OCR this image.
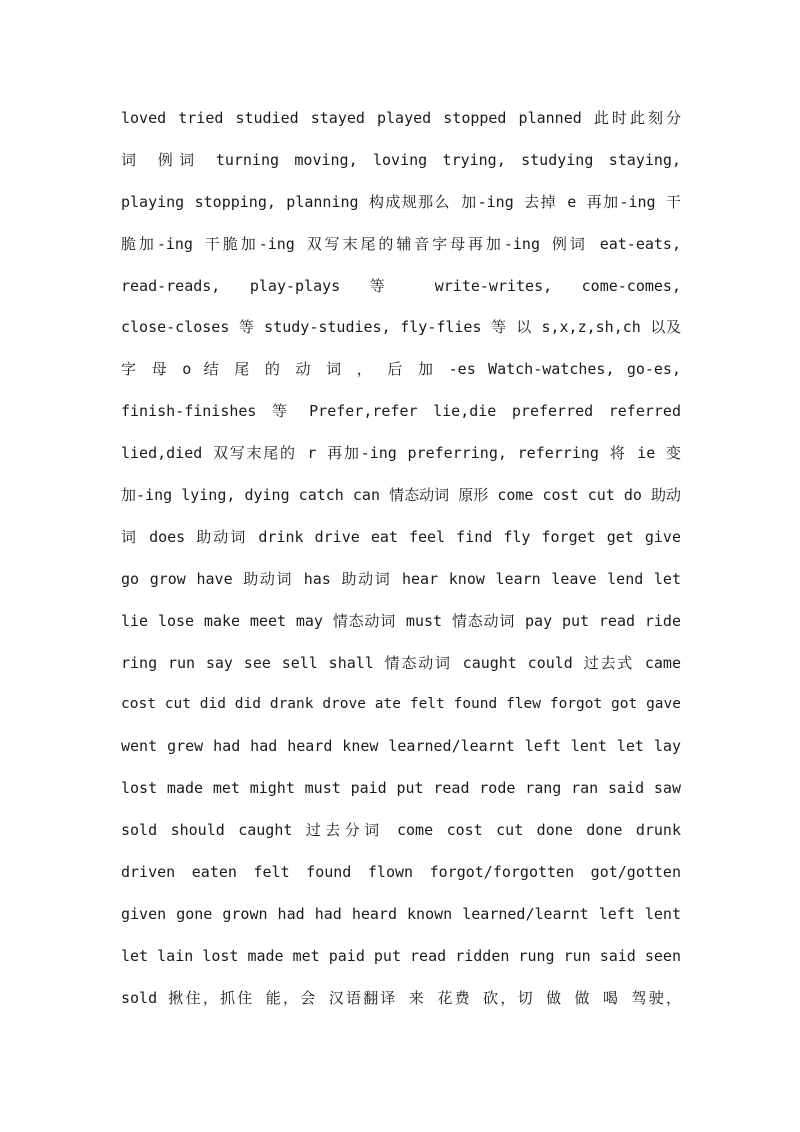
loved tried studied stayed played stopped planned 此时此刻分
词 例词 turning moving, loving trying, studying staying,
playing stopping, planning 构成规那么 加-ing 去掉 e 再加-ing 干
脆加-ing 干脆加-ing 双写末尾的辅音字母再加-ing 例词 eat-eats,
read-reads, play-plays 等 write-writes, come-comes,
close-closes 等 study-studies, fly-flies 等 以 s,x,z,sh,ch 以及
字 母 o 结 尾 的 动 词 ， 后 加 -es Watch-watches, go-es,
finish-finishes 等 Prefer,refer lie,die preferred referred
lied,died 双写末尾的 r 再加-ing preferring, referring 将 ie 变
加-ing lying, dying catch can 情态动词 原形 come cost cut do 助动
词 does 助动词 drink drive eat feel find fly forget get give
go grow have 助动词 has 助动词 hear know learn leave lend let
lie lose make meet may 情态动词 must 情态动词 pay put read ride
ring run say see sell shall 情态动词 caught could 过去式 came
cost cut did did drank drove ate felt found flew forgot got gave
went grew had had heard knew learned/learnt left lent let lay
lost made met might must paid put read rode rang ran said saw
sold should caught 过去分词 come cost cut done done drunk
driven eaten felt found flown forgot/forgotten got/gotten
given gone grown had had heard known learned/learnt left lent
let lain lost made met paid put read ridden rung run said seen
sold 揪住，抓住 能，会 汉语翻译 来 花费 砍，切 做 做 喝 驾驶，
